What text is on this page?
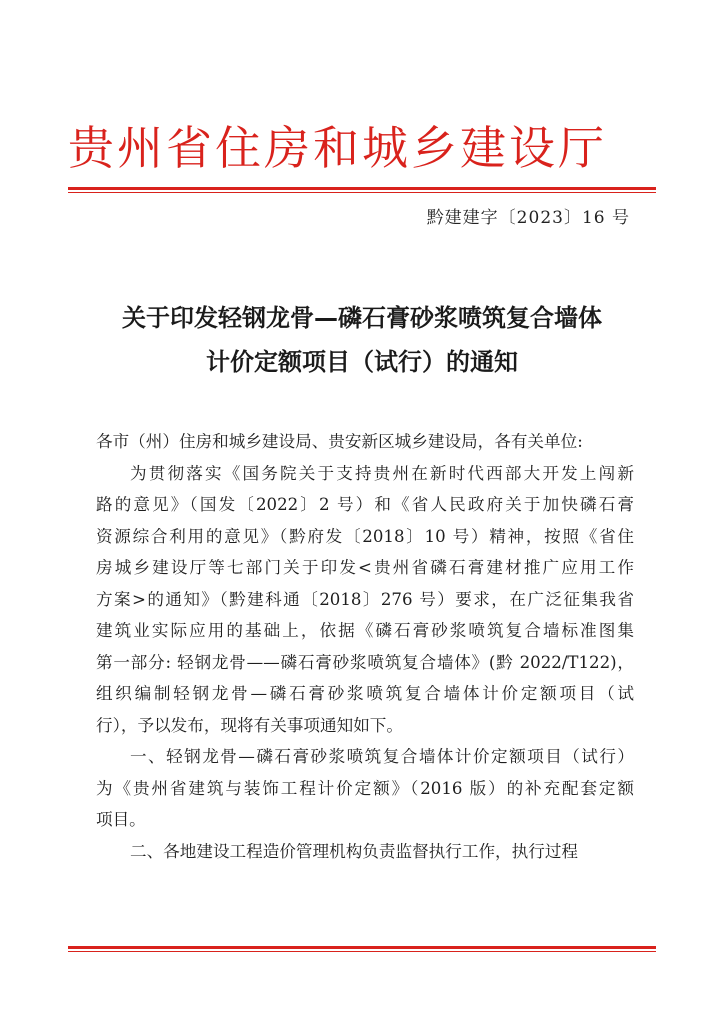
贵州省住房和城乡建设厅
黔建建字〔2023〕16 号
关于印发轻钢龙骨—磷石膏砂浆喷筑复合墙体
计价定额项目（试行）的通知
各市（州）住房和城乡建设局、贵安新区城乡建设局，各有关单位:
为贯彻落实《国务院关于支持贵州在新时代西部大开发上闯新
路的意见》（国发〔2022〕2 号）和《省人民政府关于加快磷石膏
资源综合利用的意见》（黔府发〔2018〕10 号）精神，按照《省住
房城乡建设厅等七部门关于印发<贵州省磷石膏建材推广应用工作
方案>的通知》（黔建科通〔2018〕276 号）要求，在广泛征集我省
建筑业实际应用的基础上，依据《磷石膏砂浆喷筑复合墙标准图集
第一部分: 轻钢龙骨——磷石膏砂浆喷筑复合墙体》(黔 2022/T122)，
组织编制轻钢龙骨—磷石膏砂浆喷筑复合墙体计价定额项目（试
行），予以发布，现将有关事项通知如下。
一、轻钢龙骨—磷石膏砂浆喷筑复合墙体计价定额项目（试行）
为《贵州省建筑与装饰工程计价定额》（2016 版）的补充配套定额
项目。
二、各地建设工程造价管理机构负责监督执行工作，执行过程
